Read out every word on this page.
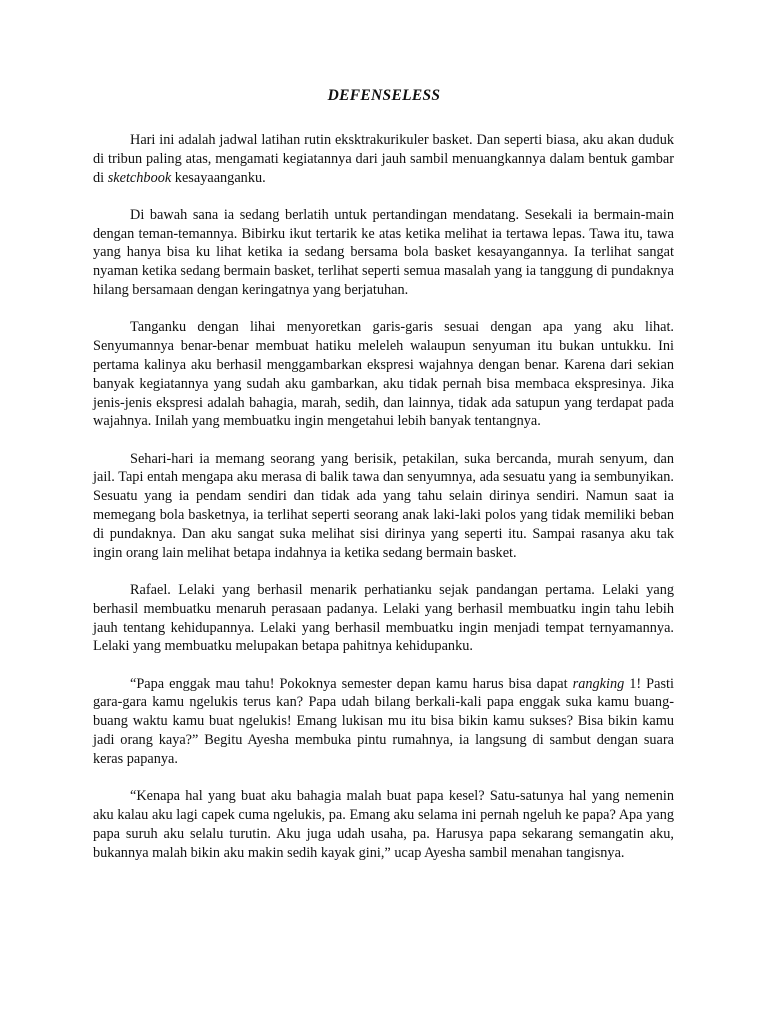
DEFENSELESS

Hari ini adalah jadwal latihan rutin eksktrakurikuler basket. Dan seperti biasa, aku akan duduk di tribun paling atas, mengamati kegiatannya dari jauh sambil menuangkannya dalam bentuk gambar di sketchbook kesayaanganku.

Di bawah sana ia sedang berlatih untuk pertandingan mendatang. Sesekali ia bermain-main dengan teman-temannya. Bibirku ikut tertarik ke atas ketika melihat ia tertawa lepas. Tawa itu, tawa yang hanya bisa ku lihat ketika ia sedang bersama bola basket kesayangannya. Ia terlihat sangat nyaman ketika sedang bermain basket, terlihat seperti semua masalah yang ia tanggung di pundaknya hilang bersamaan dengan keringatnya yang berjatuhan.

Tanganku dengan lihai menyoretkan garis-garis sesuai dengan apa yang aku lihat. Senyumannya benar-benar membuat hatiku meleleh walaupun senyuman itu bukan untukku. Ini pertama kalinya aku berhasil menggambarkan ekspresi wajahnya dengan benar. Karena dari sekian banyak kegiatannya yang sudah aku gambarkan, aku tidak pernah bisa membaca ekspresinya. Jika jenis-jenis ekspresi adalah bahagia, marah, sedih, dan lainnya, tidak ada satupun yang terdapat pada wajahnya. Inilah yang membuatku ingin mengetahui lebih banyak tentangnya.

Sehari-hari ia memang seorang yang berisik, petakilan, suka bercanda, murah senyum, dan jail. Tapi entah mengapa aku merasa di balik tawa dan senyumnya, ada sesuatu yang ia sembunyikan. Sesuatu yang ia pendam sendiri dan tidak ada yang tahu selain dirinya sendiri. Namun saat ia memegang bola basketnya, ia terlihat seperti seorang anak laki-laki polos yang tidak memiliki beban di pundaknya. Dan aku sangat suka melihat sisi dirinya yang seperti itu. Sampai rasanya aku tak ingin orang lain melihat betapa indahnya ia ketika sedang bermain basket.

Rafael. Lelaki yang berhasil menarik perhatianku sejak pandangan pertama. Lelaki yang berhasil membuatku menaruh perasaan padanya. Lelaki yang berhasil membuatku ingin tahu lebih jauh tentang kehidupannya. Lelaki yang berhasil membuatku ingin menjadi tempat ternyamannya. Lelaki yang membuatku melupakan betapa pahitnya kehidupanku.

“Papa enggak mau tahu! Pokoknya semester depan kamu harus bisa dapat rangking 1! Pasti gara-gara kamu ngelukis terus kan? Papa udah bilang berkali-kali papa enggak suka kamu buang-buang waktu kamu buat ngelukis! Emang lukisan mu itu bisa bikin kamu sukses? Bisa bikin kamu jadi orang kaya?” Begitu Ayesha membuka pintu rumahnya, ia langsung di sambut dengan suara keras papanya.

“Kenapa hal yang buat aku bahagia malah buat papa kesel? Satu-satunya hal yang nemenin aku kalau aku lagi capek cuma ngelukis, pa. Emang aku selama ini pernah ngeluh ke papa? Apa yang papa suruh aku selalu turutin. Aku juga udah usaha, pa. Harusya papa sekarang semangatin aku, bukannya malah bikin aku makin sedih kayak gini,” ucap Ayesha sambil menahan tangisnya.
